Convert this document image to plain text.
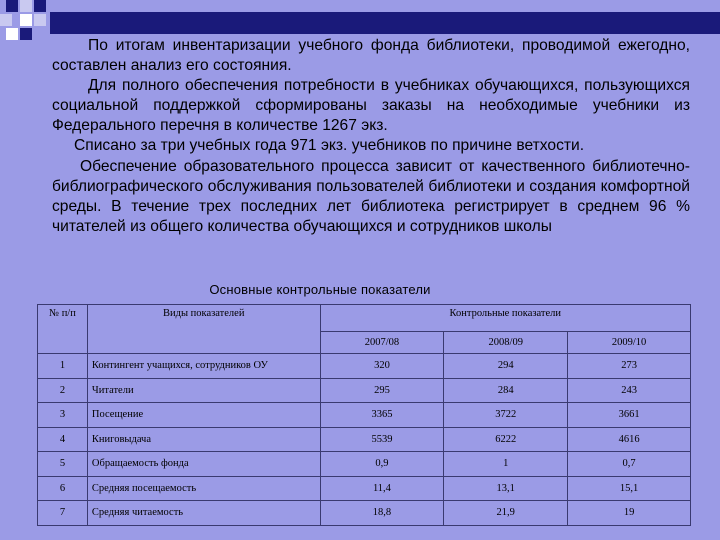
По итогам инвентаризации учебного фонда библиотеки, проводимой ежегодно, составлен анализ его состояния.

Для полного обеспечения потребности в учебниках обучающихся, пользующихся социальной поддержкой сформированы заказы на необходимые учебники из Федерального перечня в количестве 1267 экз.

Списано за три учебных года 971 экз. учебников по причине ветхости.

Обеспечение образовательного процесса зависит от качественного библиотечно-библиографического обслуживания пользователей библиотеки и создания комфортной среды. В течение трех последних лет библиотека регистрирует в среднем 96 % читателей из общего количества обучающихся и сотрудников школы

Основные контрольные показатели
№ п/п	Виды показателей	Контрольные показатели		
		2007/08	2008/09	2009/10
1	Контингент учащихся, сотрудников ОУ	320	294	273
2	Читатели	295	284	243
3	Посещение	3365	3722	3661
4	Книговыдача	5539	6222	4616
5	Обращаемость фонда	0,9	1	0,7
6	Средняя посещаемость	11,4	13,1	15,1
7	Средняя читаемость	18,8	21,9	19
